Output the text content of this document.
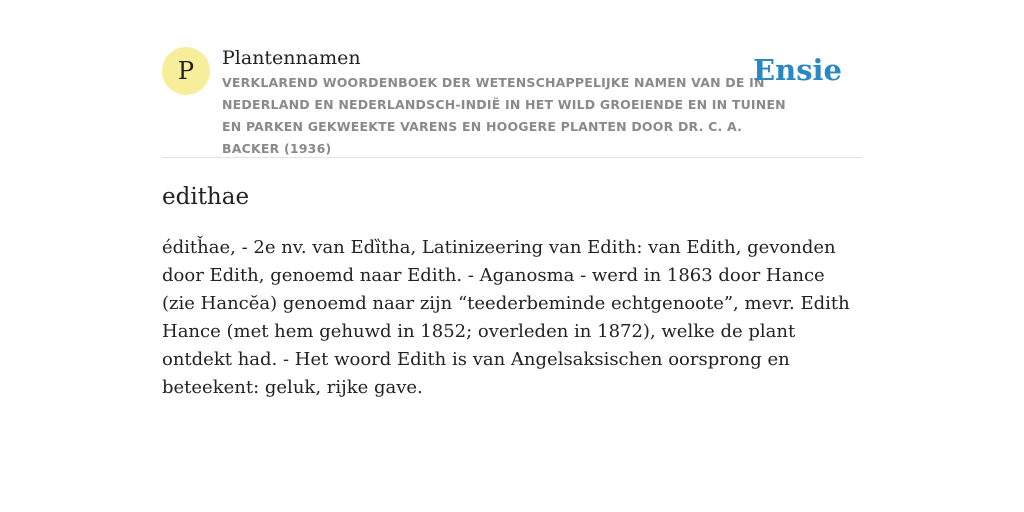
P Plantennamen
VERKLAREND WOORDENBOEK DER WETENSCHAPPELIJKE NAMEN VAN DE IN NEDERLAND EN NEDERLANDSCH-INDIË IN HET WILD GROEIENDE EN IN TUINEN EN PARKEN GEKWEEKTE VARENS EN HOOGERE PLANTEN DOOR DR. C. A. BACKER (1936)
Ensie
edithae

éditȟae, - 2e nv. van Edȉtha, Latinizeering van Edith: van Edith, gevonden door Edith, genoemd naar Edith. - Aganosma - werd in 1863 door Hance (zie Hancĕa) genoemd naar zijn “teederbeminde echtgenoote”, mevr. Edith Hance (met hem gehuwd in 1852; overleden in 1872), welke de plant ontdekt had. - Het woord Edith is van Angelsaksischen oorsprong en beteekent: geluk, rijke gave.
